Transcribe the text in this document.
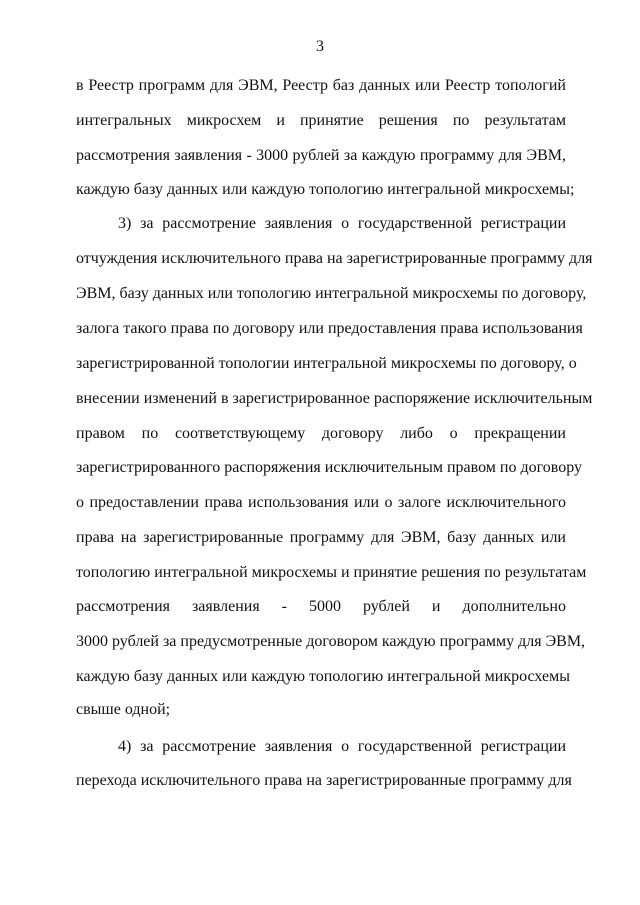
3
в Реестр программ для ЭВМ, Реестр баз данных или Реестр топологий
интегральных микросхем и принятие решения по результатам
рассмотрения заявления - 3000 рублей за каждую программу для ЭВМ,
каждую базу данных или каждую топологию интегральной микросхемы;
3) за рассмотрение заявления о государственной регистрации
отчуждения исключительного права на зарегистрированные программу для
ЭВМ, базу данных или топологию интегральной микросхемы по договору,
залога такого права по договору или предоставления права использования
зарегистрированной топологии интегральной микросхемы по договору, о
внесении изменений в зарегистрированное распоряжение исключительным
правом по соответствующему договору либо о прекращении
зарегистрированного распоряжения исключительным правом по договору
о предоставлении права использования или о залоге исключительного
права на зарегистрированные программу для ЭВМ, базу данных или
топологию интегральной микросхемы и принятие решения по результатам
рассмотрения заявления - 5000 рублей и дополнительно
3000 рублей за предусмотренные договором каждую программу для ЭВМ,
каждую базу данных или каждую топологию интегральной микросхемы
свыше одной;
4) за рассмотрение заявления о государственной регистрации
перехода исключительного права на зарегистрированные программу для
